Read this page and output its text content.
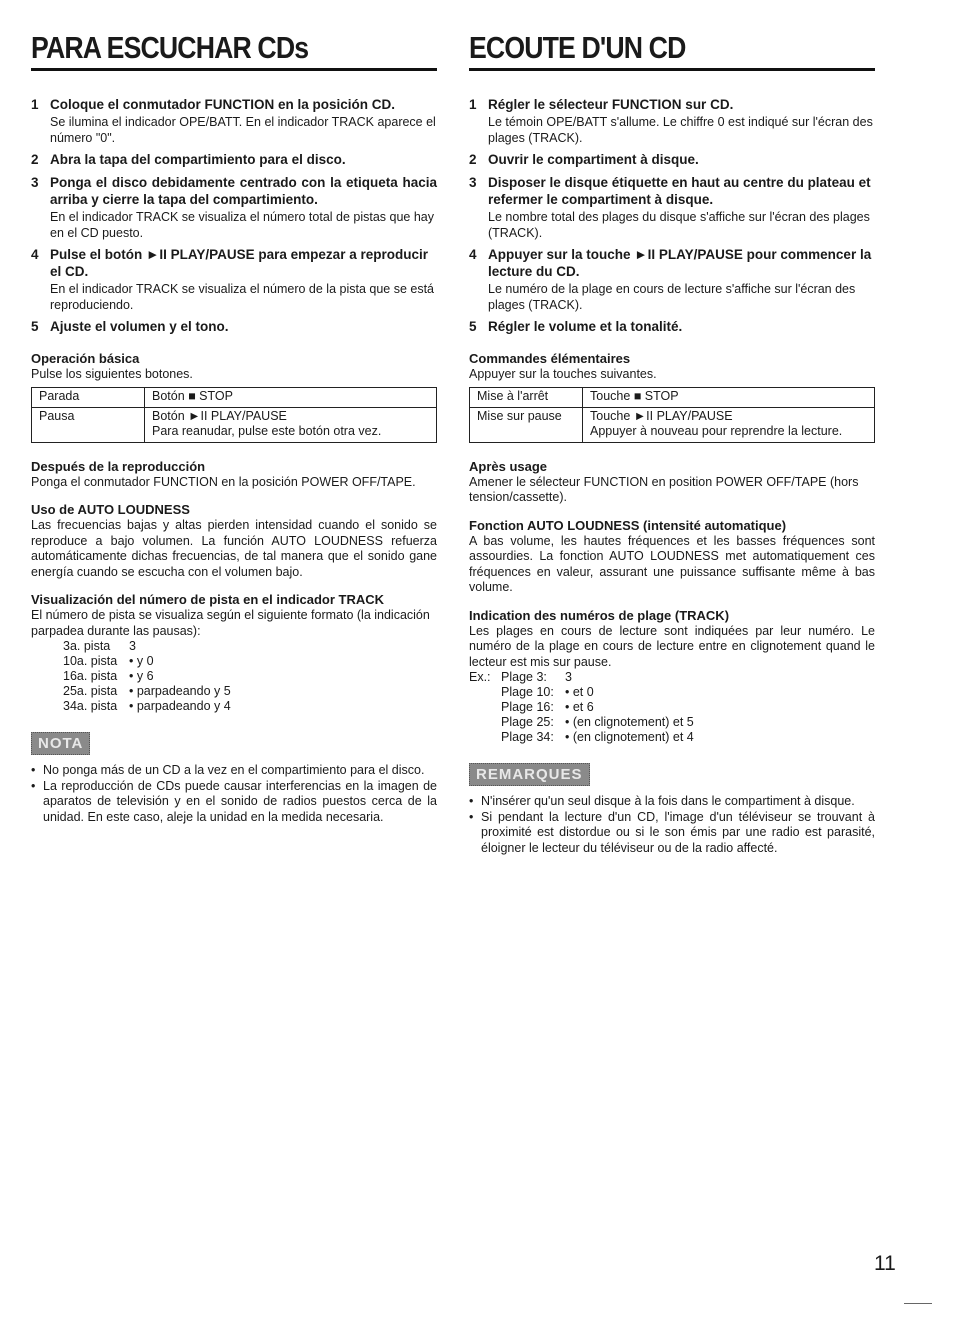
PARA ESCUCHAR CDs
1 Coloque el conmutador FUNCTION en la posición CD.
Se ilumina el indicador OPE/BATT. En el indicador TRACK aparece el número "0".
2 Abra la tapa del compartimiento para el disco.
3 Ponga el disco debidamente centrado con la etiqueta hacia arriba y cierre la tapa del compartimiento.
En el indicador TRACK se visualiza el número total de pistas que hay en el CD puesto.
4 Pulse el botón ►II PLAY/PAUSE para empezar a reproducir el CD.
En el indicador TRACK se visualiza el número de la pista que se está reproduciendo.
5 Ajuste el volumen y el tono.
Operación básica
Pulse los siguientes botones.
Parada	Botón ■ STOP
Pausa	Botón ►II PLAY/PAUSE
Para reanudar, pulse este botón otra vez.
Después de la reproducción
Ponga el conmutador FUNCTION en la posición POWER OFF/TAPE.
Uso de AUTO LOUDNESS
Las frecuencias bajas y altas pierden intensidad cuando el sonido se reproduce a bajo volumen. La función AUTO LOUDNESS refuerza automáticamente dichas frecuencias, de tal manera que el sonido gane energía cuando se escucha con el volumen bajo.
Visualización del número de pista en el indicador TRACK
El número de pista se visualiza según el siguiente formato (la indicación parpadea durante las pausas):
3a. pista	3
10a. pista • y 0
16a. pista • y 6
25a. pista • parpadeando y 5
34a. pista • parpadeando y 4
NOTA
• No ponga más de un CD a la vez en el compartimiento para el disco.
• La reproducción de CDs puede causar interferencias en la imagen de aparatos de televisión y en el sonido de radios puestos cerca de la unidad. En este caso, aleje la unidad en la medida necesaria.
ECOUTE D'UN CD
1 Régler le sélecteur FUNCTION sur CD.
Le témoin OPE/BATT s'allume. Le chiffre 0 est indiqué sur l'écran des plages (TRACK).
2 Ouvrir le compartiment à disque.
3 Disposer le disque étiquette en haut au centre du plateau et refermer le compartiment à disque.
Le nombre total des plages du disque s'affiche sur l'écran des plages (TRACK).
4 Appuyer sur la touche ►II PLAY/PAUSE pour commencer la lecture du CD.
Le numéro de la plage en cours de lecture s'affiche sur l'écran des plages (TRACK).
5 Régler le volume et la tonalité.
Commandes élémentaires
Appuyer sur la touches suivantes.
Mise à l'arrêt	Touche ■ STOP
Mise sur pause	Touche ►II PLAY/PAUSE
Appuyer à nouveau pour reprendre la lecture.
Après usage
Amener le sélecteur FUNCTION en position POWER OFF/TAPE (hors tension/cassette).
Fonction AUTO LOUDNESS (intensité automatique)
A bas volume, les hautes fréquences et les basses fréquences sont assourdies. La fonction AUTO LOUDNESS met automatiquement ces fréquences en valeur, assurant une puissance suffisante même à bas volume.
Indication des numéros de plage (TRACK)
Les plages en cours de lecture sont indiquées par leur numéro. Le numéro de la plage en cours de lecture entre en clignotement quand le lecteur est mis sur pause.
Ex.: Plage 3:	3
Plage 10: • et 0
Plage 16: • et 6
Plage 25: • (en clignotement) et 5
Plage 34: • (en clignotement) et 4
REMARQUES
• N'insérer qu'un seul disque à la fois dans le compartiment à disque.
• Si pendant la lecture d'un CD, l'image d'un téléviseur se trouvant à proximité est distordue ou si le son émis par une radio est parasité, éloigner le lecteur du téléviseur ou de la radio affecté.
11
